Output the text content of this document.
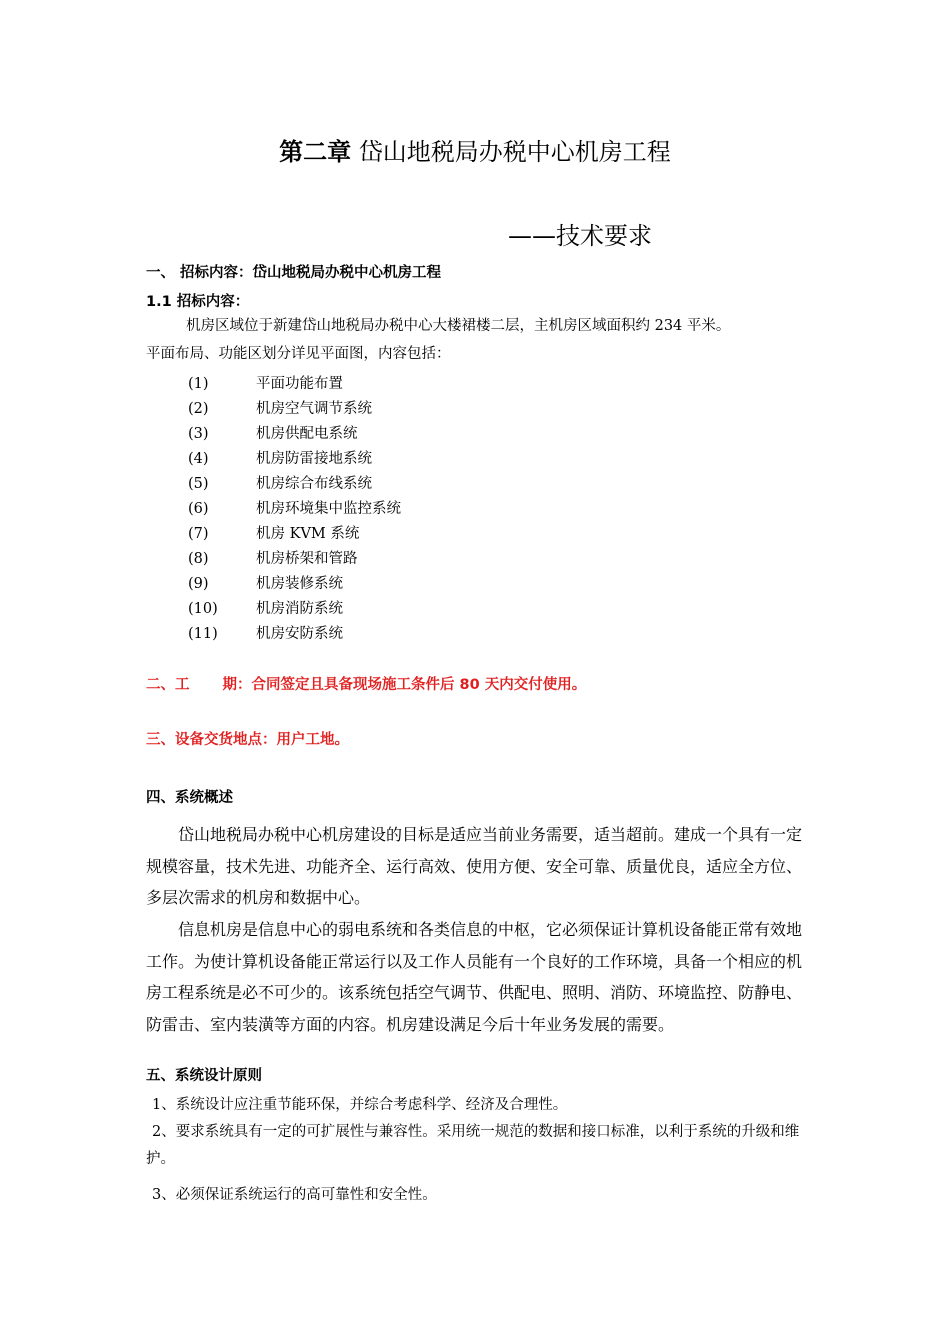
第二章 岱山地税局办税中心机房工程
——技术要求
一、 招标内容：岱山地税局办税中心机房工程
1.1 招标内容：
机房区域位于新建岱山地税局办税中心大楼裙楼二层，主机房区域面积约 234 平米。
平面布局、功能区划分详见平面图，内容包括：
(1)	平面功能布置
(2)	机房空气调节系统
(3)	机房供配电系统
(4)	机房防雷接地系统
(5)	机房综合布线系统
(6)	机房环境集中监控系统
(7)	机房 KVM 系统
(8)	机房桥架和管路
(9)	机房装修系统
(10)	机房消防系统
(11)	机房安防系统
二、工 期：合同签定且具备现场施工条件后 80 天内交付使用。
三、设备交货地点：用户工地。
四、系统概述
岱山地税局办税中心机房建设的目标是适应当前业务需要，适当超前。建成一个具有一定规模容量，技术先进、功能齐全、运行高效、使用方便、安全可靠、质量优良，适应全方位、多层次需求的机房和数据中心。
信息机房是信息中心的弱电系统和各类信息的中枢，它必须保证计算机设备能正常有效地工作。为使计算机设备能正常运行以及工作人员能有一个良好的工作环境，具备一个相应的机房工程系统是必不可少的。该系统包括空气调节、供配电、照明、消防、环境监控、防静电、防雷击、室内装潢等方面的内容。机房建设满足今后十年业务发展的需要。
五、系统设计原则
1、系统设计应注重节能环保，并综合考虑科学、经济及合理性。
2、要求系统具有一定的可扩展性与兼容性。采用统一规范的数据和接口标准，以利于系统的升级和维护。
3、必须保证系统运行的高可靠性和安全性。
